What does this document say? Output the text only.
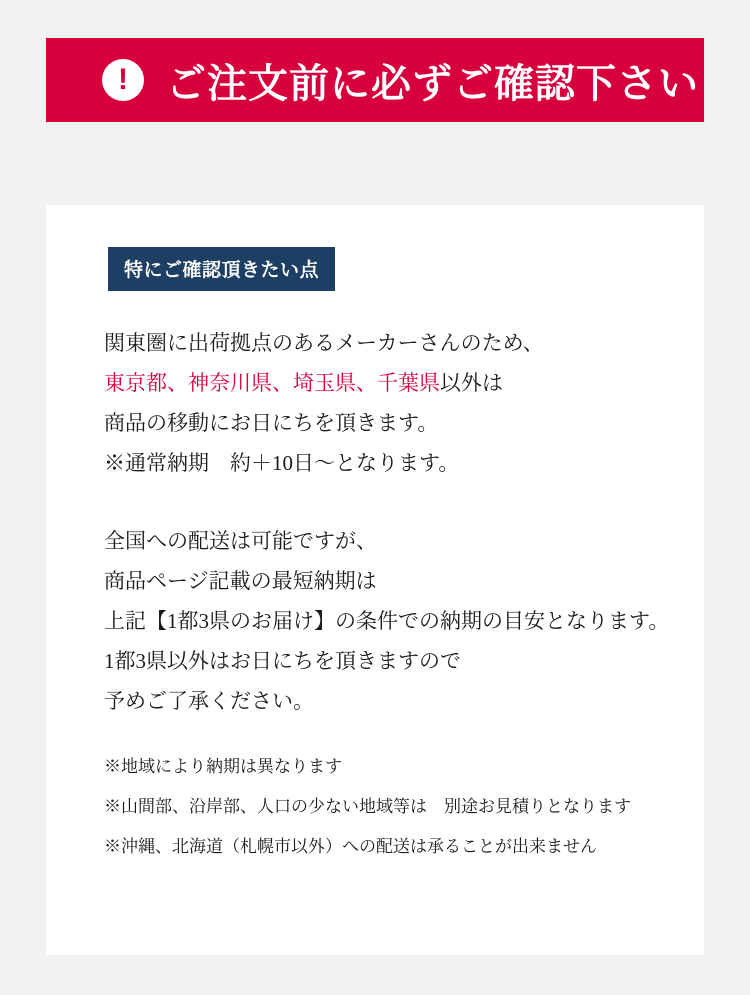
! ご注文前に必ずご確認下さい
特にご確認頂きたい点
関東圏に出荷拠点のあるメーカーさんのため、
東京都、神奈川県、埼玉県、千葉県以外は
商品の移動にお日にちを頂きます。
※通常納期　約＋10日〜となります。
全国への配送は可能ですが、
商品ページ記載の最短納期は
上記【1都3県のお届け】の条件での納期の目安となります。
1都3県以外はお日にちを頂きますので
予めご了承ください。
※地域により納期は異なります
※山間部、沿岸部、人口の少ない地域等は　別途お見積りとなります
※沖縄、北海道（札幌市以外）への配送は承ることが出来ません
